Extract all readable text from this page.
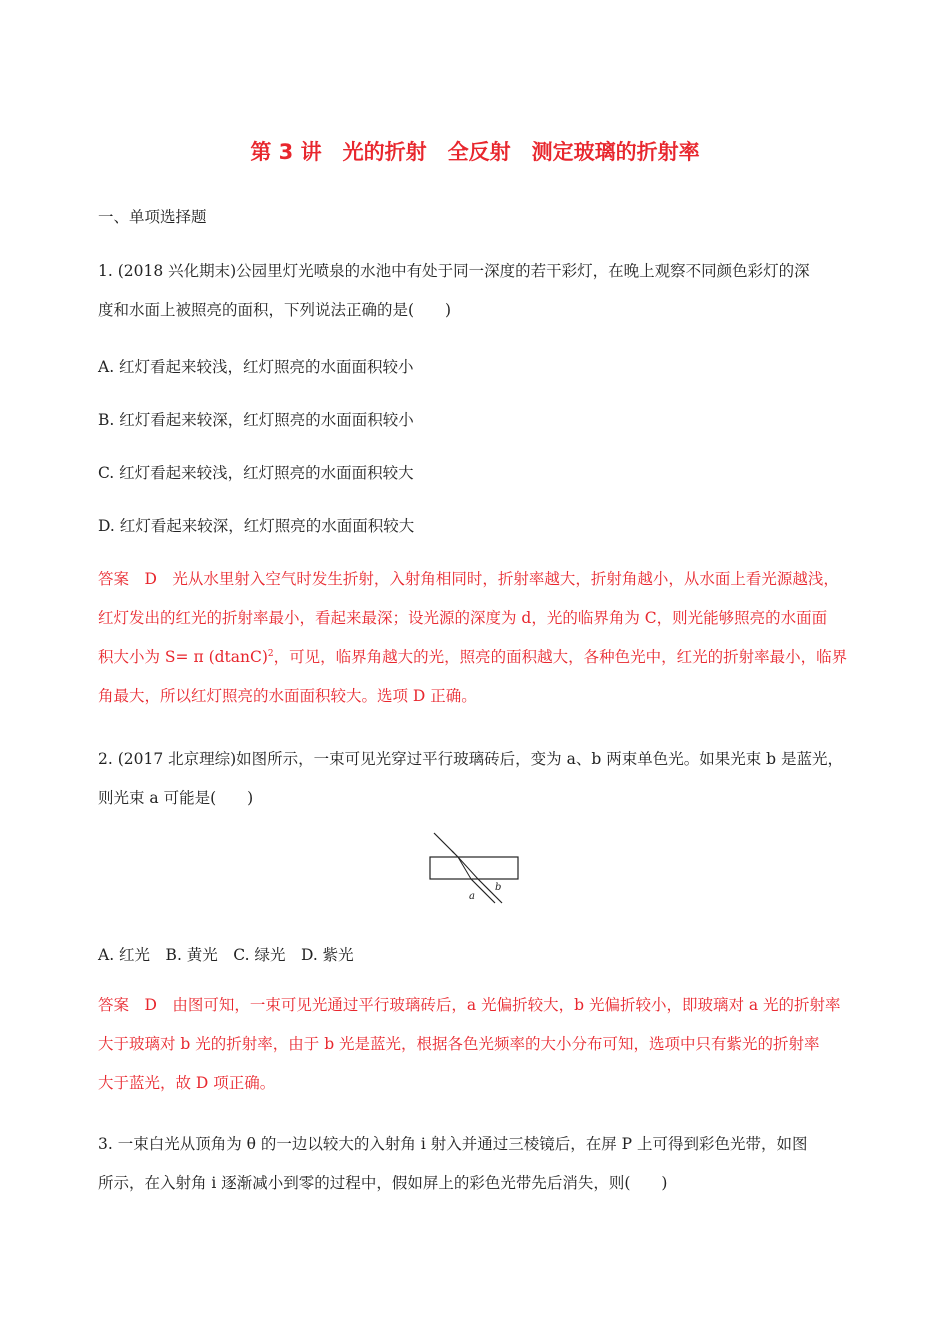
第 3 讲　光的折射　全反射　测定玻璃的折射率
一、单项选择题
1. (2018 兴化期末)公园里灯光喷泉的水池中有处于同一深度的若干彩灯，在晚上观察不同颜色彩灯的深
度和水面上被照亮的面积，下列说法正确的是(　　)
A. 红灯看起来较浅，红灯照亮的水面面积较小
B. 红灯看起来较深，红灯照亮的水面面积较小
C. 红灯看起来较浅，红灯照亮的水面面积较大
D. 红灯看起来较深，红灯照亮的水面面积较大
答案　D　光从水里射入空气时发生折射，入射角相同时，折射率越大，折射角越小，从水面上看光源越浅，
红灯发出的红光的折射率最小，看起来最深；设光源的深度为 d，光的临界角为 C，则光能够照亮的水面面
积大小为 S= π $(dtanC)^2$，可见，临界角越大的光，照亮的面积越大，各种色光中，红光的折射率最小，临界
角最大，所以红灯照亮的水面面积较大。选项 D 正确。
2. (2017 北京理综)如图所示，一束可见光穿过平行玻璃砖后，变为 a、b 两束单色光。如果光束 b 是蓝光，
则光束 a 可能是(　　)
a
b
A. 红光　B. 黄光　C. 绿光　D. 紫光
答案　D　由图可知，一束可见光通过平行玻璃砖后，a 光偏折较大，b 光偏折较小，即玻璃对 a 光的折射率
大于玻璃对 b 光的折射率，由于 b 光是蓝光，根据各色光频率的大小分布可知，选项中只有紫光的折射率
大于蓝光，故 D 项正确。
3. 一束白光从顶角为 θ 的一边以较大的入射角 i 射入并通过三棱镜后，在屏 P 上可得到彩色光带，如图
所示，在入射角 i 逐渐减小到零的过程中，假如屏上的彩色光带先后消失，则(　　)
